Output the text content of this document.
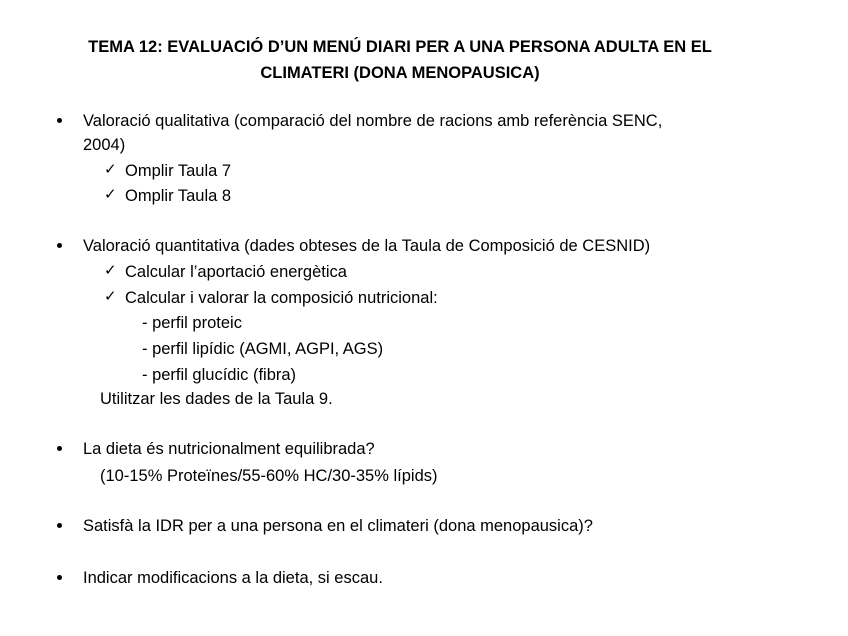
TEMA 12: EVALUACIÓ D’UN MENÚ DIARI PER A UNA PERSONA ADULTA EN EL
CLIMATERI (DONA MENOPAUSICA)
Valoració qualitativa (comparació del nombre de racions amb referència SENC,
2004)
✓ Omplir Taula 7
✓ Omplir Taula 8
Valoració quantitativa (dades obteses de la Taula de Composició de CESNID)
✓ Calcular l’aportació energètica
✓ Calcular i valorar la composició nutricional:
- perfil proteic
- perfil lipídic (AGMI, AGPI, AGS)
- perfil glucídic (fibra)
Utilitzar les dades de la Taula 9.
La dieta és nutricionalment equilibrada?
(10-15% Proteïnes/55-60% HC/30-35% lípids)
Satisfà la IDR per a una persona en el climateri (dona menopausica)?
Indicar modificacions a la dieta, si escau.
